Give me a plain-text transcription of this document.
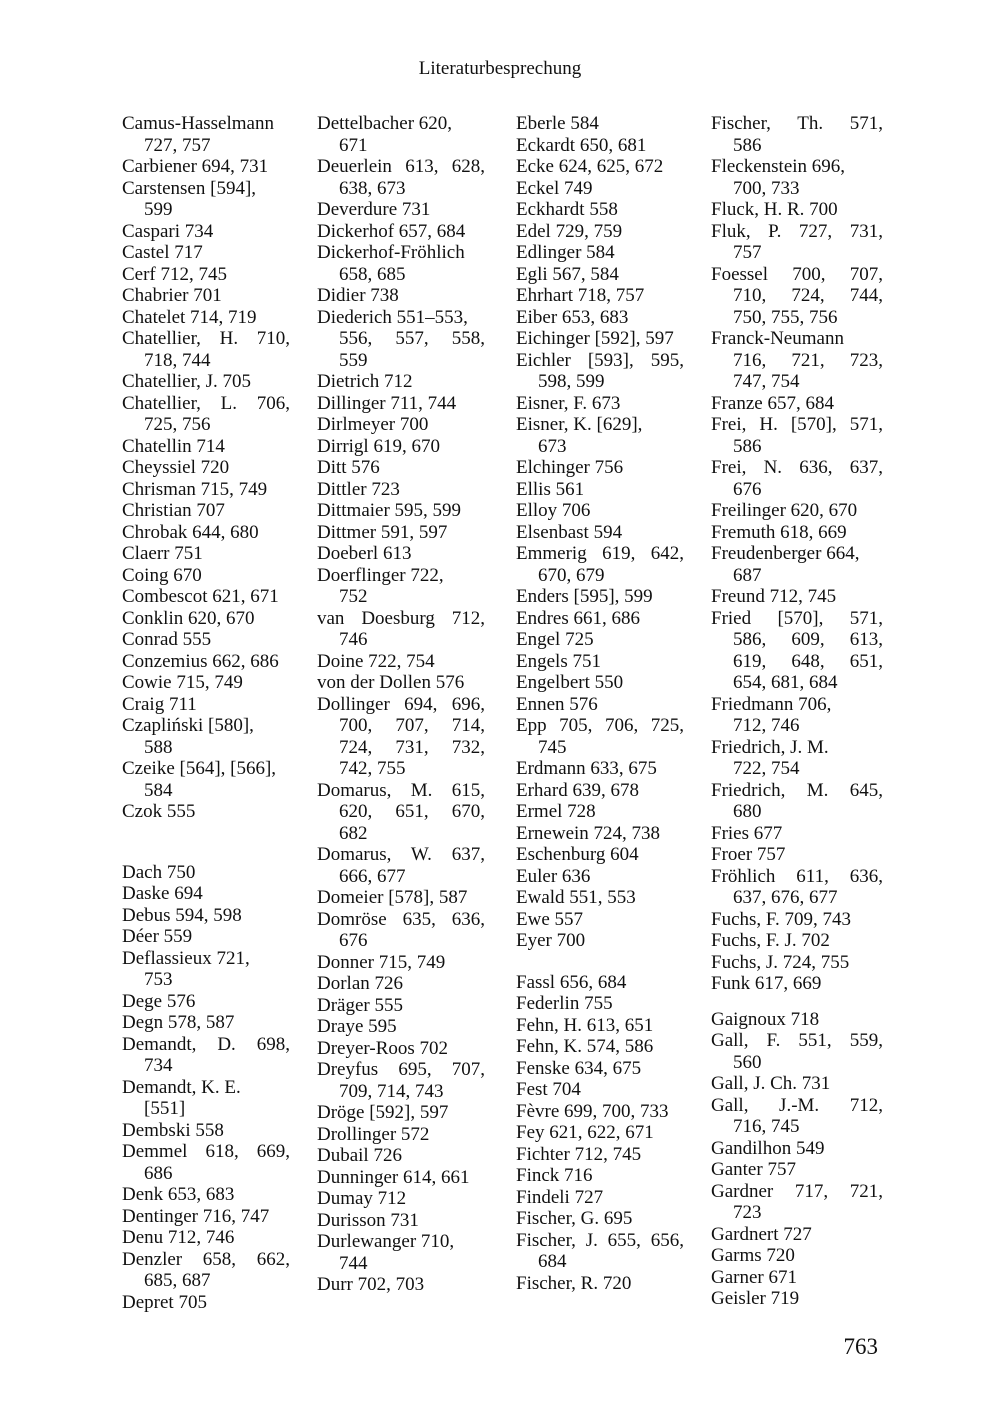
Literaturbesprechung
Camus-Hasselmann
727, 757
Carbiener 694, 731
Carstensen [594],
599
Caspari 734
Castel 717
Cerf 712, 745
Chabrier 701
Chatelet 714, 719
Chatellier, H. 710,
718, 744
Chatellier, J. 705
Chatellier, L. 706,
725, 756
Chatellin 714
Cheyssiel 720
Chrisman 715, 749
Christian 707
Chrobak 644, 680
Claerr 751
Coing 670
Combescot 621, 671
Conklin 620, 670
Conrad 555
Conzemius 662, 686
Cowie 715, 749
Craig 711
Czapliński [580],
588
Czeike [564], [566],
584
Czok 555
Dach 750
Daske 694
Debus 594, 598
Déer 559
Deflassieux 721,
753
Dege 576
Degn 578, 587
Demandt, D. 698,
734
Demandt, K. E.
[551]
Dembski 558
Demmel 618, 669,
686
Denk 653, 683
Dentinger 716, 747
Denu 712, 746
Denzler 658, 662,
685, 687
Depret 705
Dettelbacher 620,
671
Deuerlein 613, 628,
638, 673
Deverdure 731
Dickerhof 657, 684
Dickerhof-Fröhlich
658, 685
Didier 738
Diederich 551–553,
556, 557, 558,
559
Dietrich 712
Dillinger 711, 744
Dirlmeyer 700
Dirrigl 619, 670
Ditt 576
Dittler 723
Dittmaier 595, 599
Dittmer 591, 597
Doeberl 613
Doerflinger 722,
752
van Doesburg 712,
746
Doine 722, 754
von der Dollen 576
Dollinger 694, 696,
700, 707, 714,
724, 731, 732,
742, 755
Domarus, M. 615,
620, 651, 670,
682
Domarus, W. 637,
666, 677
Domeier [578], 587
Domröse 635, 636,
676
Donner 715, 749
Dorlan 726
Dräger 555
Draye 595
Dreyer-Roos 702
Dreyfus 695, 707,
709, 714, 743
Dröge [592], 597
Drollinger 572
Dubail 726
Dunninger 614, 661
Dumay 712
Durisson 731
Durlewanger 710,
744
Durr 702, 703
Eberle 584
Eckardt 650, 681
Ecke 624, 625, 672
Eckel 749
Eckhardt 558
Edel 729, 759
Edlinger 584
Egli 567, 584
Ehrhart 718, 757
Eiber 653, 683
Eichinger [592], 597
Eichler [593], 595,
598, 599
Eisner, F. 673
Eisner, K. [629],
673
Elchinger 756
Ellis 561
Elloy 706
Elsenbast 594
Emmerig 619, 642,
670, 679
Enders [595], 599
Endres 661, 686
Engel 725
Engels 751
Engelbert 550
Ennen 576
Epp 705, 706, 725,
745
Erdmann 633, 675
Erhard 639, 678
Ermel 728
Ernewein 724, 738
Eschenburg 604
Euler 636
Ewald 551, 553
Ewe 557
Eyer 700
Fassl 656, 684
Federlin 755
Fehn, H. 613, 651
Fehn, K. 574, 586
Fenske 634, 675
Fest 704
Fèvre 699, 700, 733
Fey 621, 622, 671
Fichter 712, 745
Finck 716
Findeli 727
Fischer, G. 695
Fischer, J. 655, 656,
684
Fischer, R. 720
Fischer, Th. 571,
586
Fleckenstein 696,
700, 733
Fluck, H. R. 700
Fluk, P. 727, 731,
757
Foessel 700, 707,
710, 724, 744,
750, 755, 756
Franck-Neumann
716, 721, 723,
747, 754
Franze 657, 684
Frei, H. [570], 571,
586
Frei, N. 636, 637,
676
Freilinger 620, 670
Fremuth 618, 669
Freudenberger 664,
687
Freund 712, 745
Fried [570], 571,
586, 609, 613,
619, 648, 651,
654, 681, 684
Friedmann 706,
712, 746
Friedrich, J. M.
722, 754
Friedrich, M. 645,
680
Fries 677
Froer 757
Fröhlich 611, 636,
637, 676, 677
Fuchs, F. 709, 743
Fuchs, F. J. 702
Fuchs, J. 724, 755
Funk 617, 669
Gaignoux 718
Gall, F. 551, 559,
560
Gall, J. Ch. 731
Gall, J.-M. 712,
716, 745
Gandilhon 549
Ganter 757
Gardner 717, 721,
723
Gardnert 727
Garms 720
Garner 671
Geisler 719
763
